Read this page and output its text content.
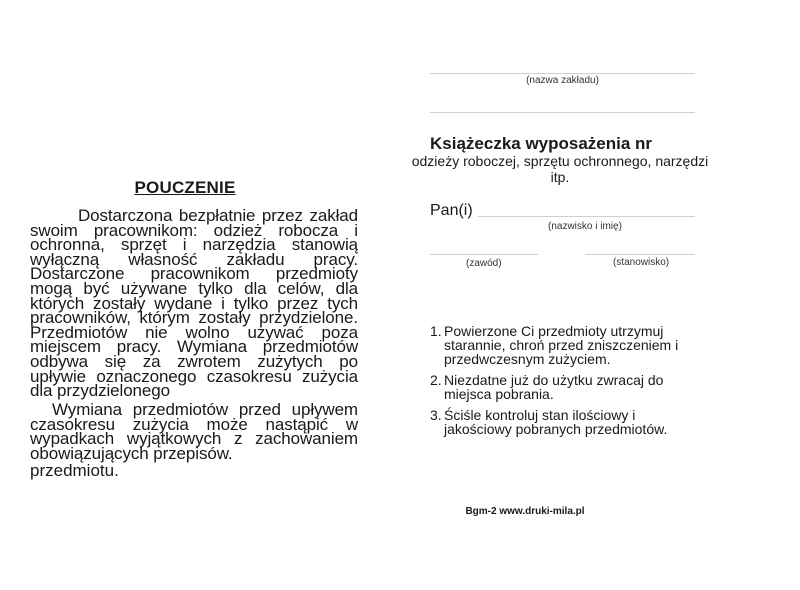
POUCZENIE
Dostarczona bezpłatnie przez zakład swoim pracownikom: odzież robocza i ochronna, sprzęt i narzędzia stanowią wyłączną własność zakładu pracy. Dostarczone pracownikom przedmioty mogą być używane tylko dla celów, dla których zostały wydane i tylko przez tych pracowników, którym zostały przydzielone. Przedmiotów nie wolno używać poza miejscem pracy. Wymiana przedmiotów odbywa się za zwrotem zużytych po upływie oznaczonego czasokresu zużycia dla przydzielonego
Wymiana przedmiotów przed upływem czasokresu zużycia może nastąpić w wypadkach wyjątkowych z zachowaniem obowiązujących przepisów.
przedmiotu.
(nazwa zakładu)
Książeczka wyposażenia nr
odzieży roboczej, sprzętu ochronnego, narzędzi itp.
Pan(i)
(nazwisko i imię)
(zawód)	(stanowisko)
1. Powierzone Ci przedmioty utrzymuj starannie, chroń przed zniszczeniem i przedwczesnym zużyciem.
2. Niezdatne już do użytku zwracaj do miejsca pobrania.
3. Ściśle kontroluj stan ilościowy i jakościowy pobranych przedmiotów.
Bgm-2 www.druki-mila.pl
